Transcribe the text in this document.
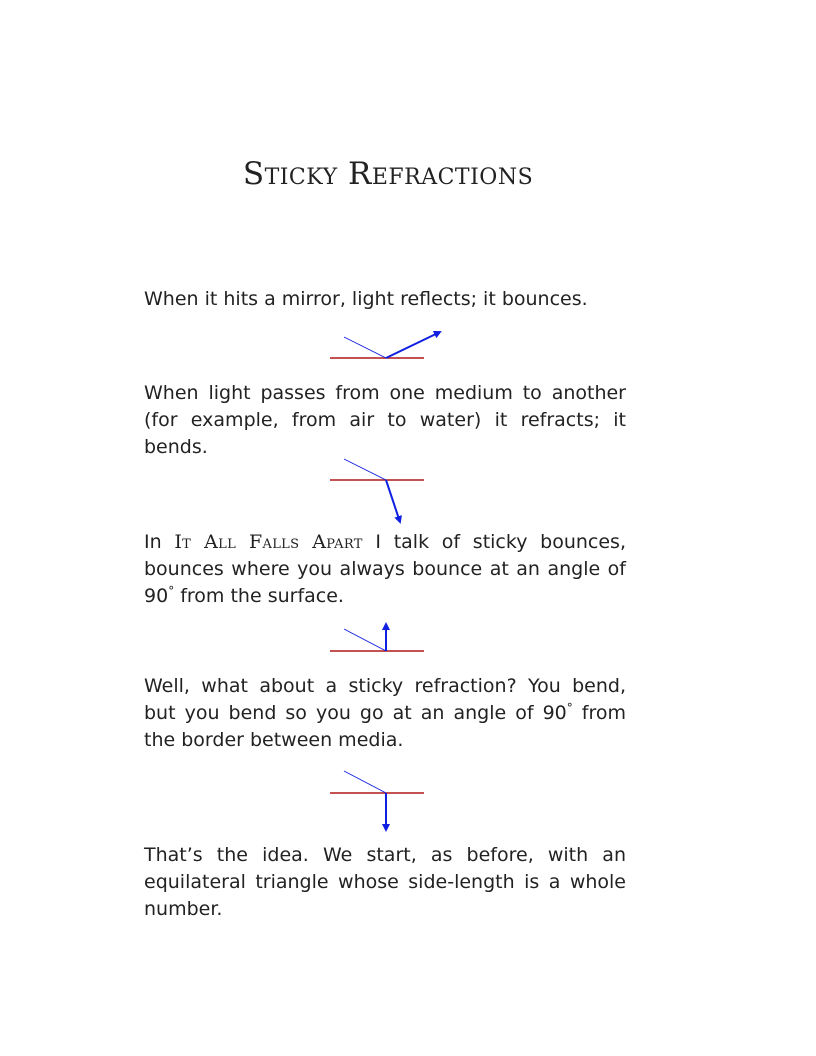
Sticky Refractions

When it hits a mirror, light reflects; it bounces.

When light passes from one medium to another (for example, from air to water) it refracts; it bends.

In It All Falls Apart I talk of sticky bounces, bounces where you always bounce at an angle of 90° from the surface.

Well, what about a sticky refraction? You bend, but you bend so you go at an angle of 90° from the border between media.

That’s the idea. We start, as before, with an equilateral triangle whose side-length is a whole number.
